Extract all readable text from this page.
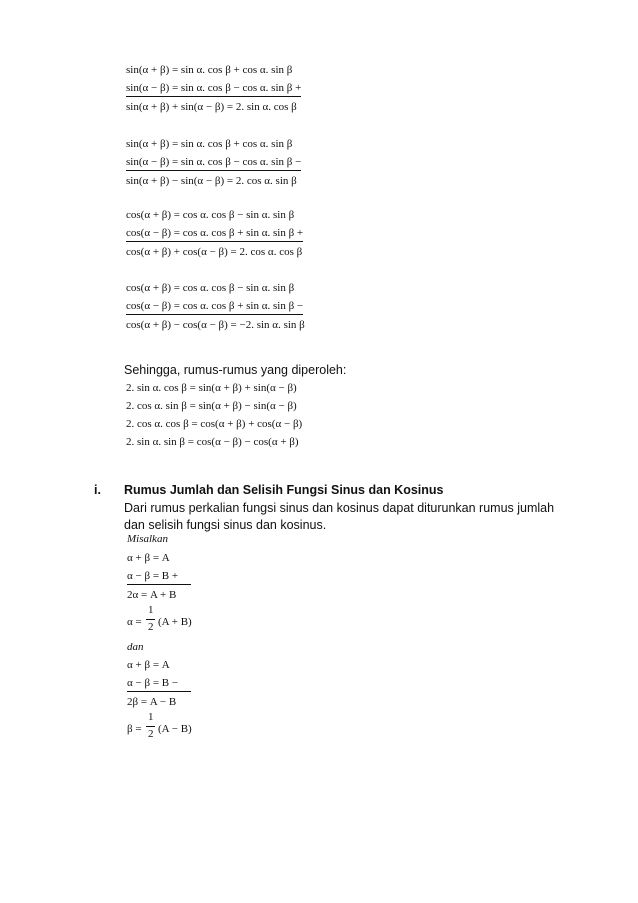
sin(α + β) = sin α. cos β + cos α. sin β
sin(α − β) = sin α. cos β − cos α. sin β +
sin(α + β) + sin(α − β) = 2. sin α. cos β
sin(α + β) = sin α. cos β + cos α. sin β
sin(α − β) = sin α. cos β − cos α. sin β −
sin(α + β) − sin(α − β) = 2. cos α. sin β
cos(α + β) = cos α. cos β − sin α. sin β
cos(α − β) = cos α. cos β + sin α. sin β +
cos(α + β) + cos(α − β) = 2. cos α. cos β
cos(α + β) = cos α. cos β − sin α. sin β
cos(α − β) = cos α. cos β + sin α. sin β −
cos(α + β) − cos(α − β) = −2. sin α. sin β
Sehingga, rumus-rumus yang diperoleh:
2. sin α. cos β = sin(α + β) + sin(α − β)
2. cos α. sin β = sin(α + β) − sin(α − β)
2. cos α. cos β = cos(α + β) + cos(α − β)
2. sin α. sin β = cos(α − β) − cos(α + β)
i. Rumus Jumlah dan Selisih Fungsi Sinus dan Kosinus
Dari rumus perkalian fungsi sinus dan kosinus dapat diturunkan rumus jumlah
dan selisih fungsi sinus dan kosinus.
Misalkan
α + β = A
α − β = B +
2α = A + B
α =
1
2 (A + B)
dan
α + β = A
α − β = B −
2β = A − B
β =
1
2 (A − B)
